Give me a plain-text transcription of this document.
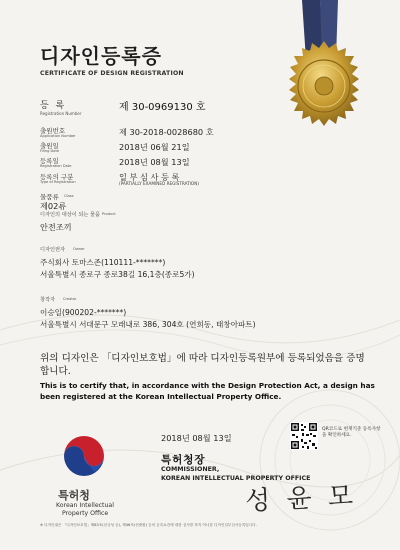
디자인등록증
CERTIFICATE OF DESIGN REGISTRATION
등 록
Registration Number
제 30-0969130 호
출원번호
Application Number	제 30-2018-0028680 호
출원일
Filing Date	2018년 06월 21일
등록일
Registration Date	2018년 08월 13일
등록의 구분
Type of Registration	일 부 심 사 등 록
(PARTIALLY EXAMINED REGISTRATION)
물품류 Class
제02류
디자인의 대상이 되는 물품 Product
안전조끼
디자인권자 Owner
주식회사 토마스존(110111-*******)
서울특별시 종로구 종로38길 16,1층(종로5가)
창작자 Creator
이승일(900202-*******)
서울특별시 서대문구 모래내로 386, 304호 (연희동, 태창아파트)
위의 디자인은 「디자인보호법」에 따라 디자인등록원부에 등록되었음을 증명합니다.
This is to certify that, in accordance with the Design Protection Act, a design has been registered at the Korean Intellectual Property Office.
2018년 08월 13일
특허청장
COMMISSIONER,
KOREAN INTELLECTUAL PROPERTY OFFICE
성 윤 모
QR코드로 현재기준 등록사항을 확인하세요.
특허청
Korean Intellectual
Property Office
※ 디자인권은 「디자인보호법」제83조(신규성 등), 제46조(선출원) 등의 등록요건에 대한 심사를 하지 아니한 디자인일부심사등록임니다.
